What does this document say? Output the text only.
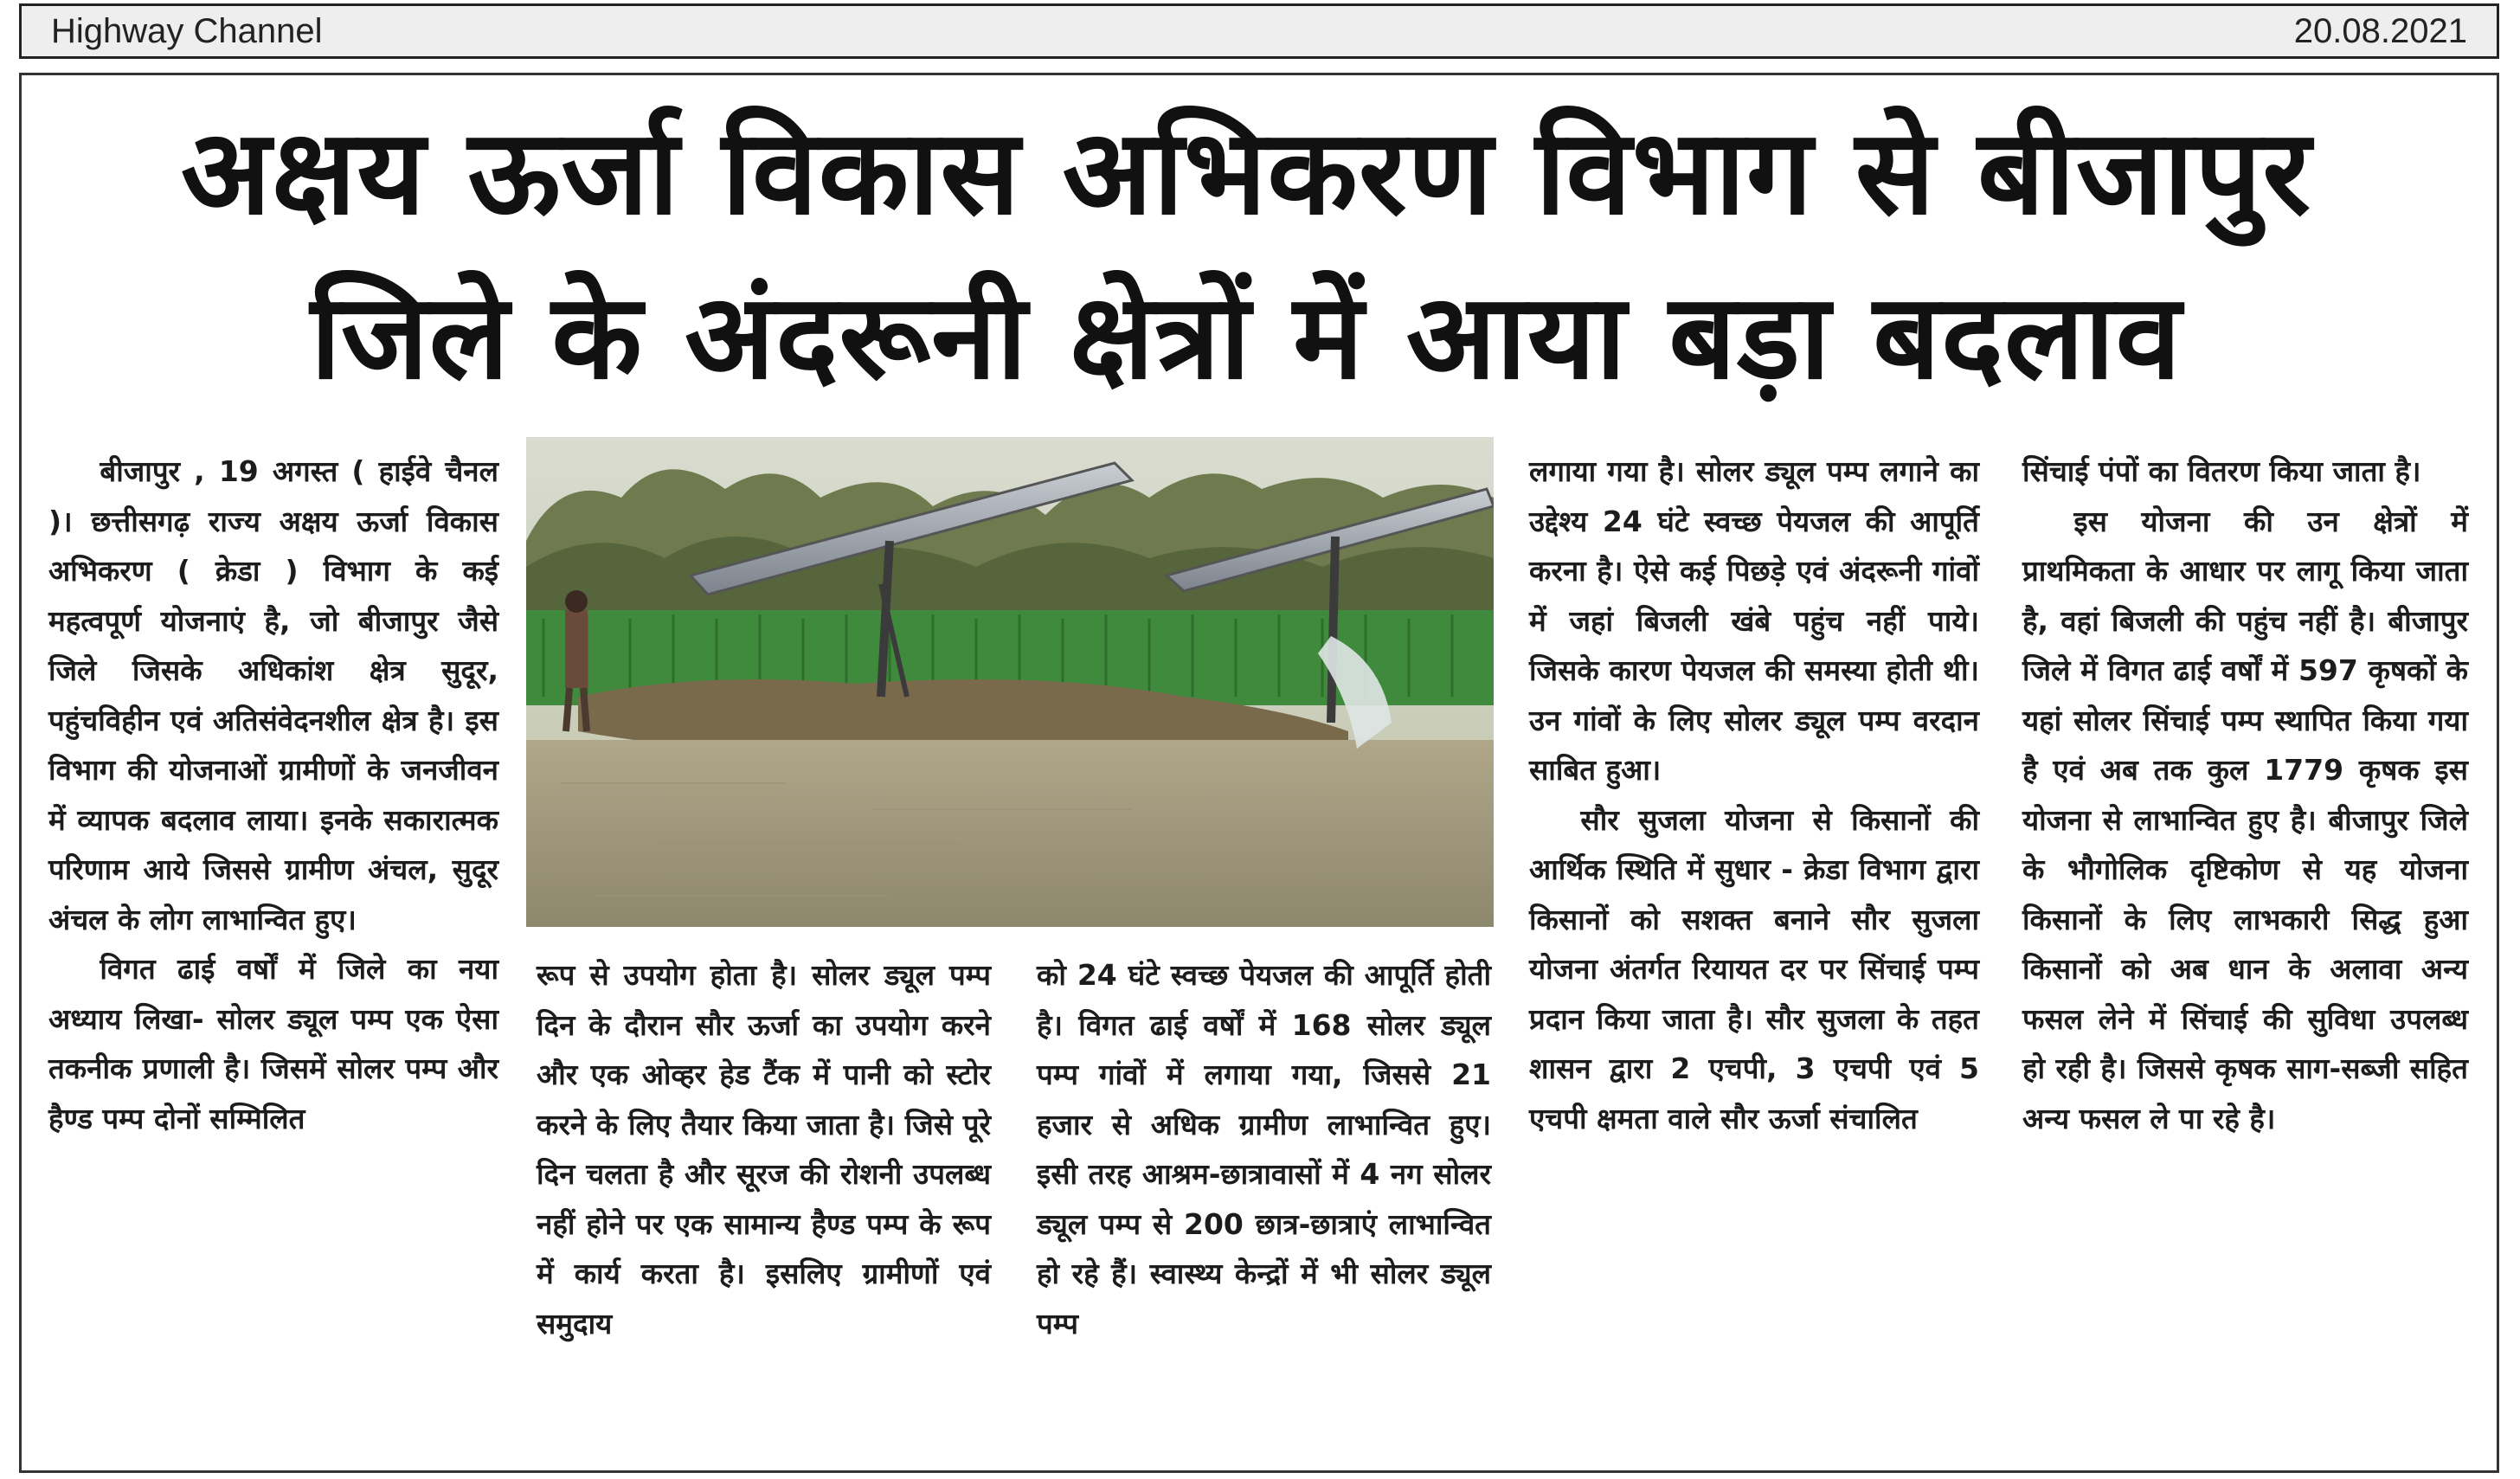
Highway Channel	20.08.2021
अक्षय ऊर्जा विकास अभिकरण विभाग से बीजापुर
जिले के अंदरूनी क्षेत्रों में आया बड़ा बदलाव

बीजापुर , 19 अगस्त ( हाईवे चैनल )। छत्तीसगढ़ राज्य अक्षय ऊर्जा विकास अभिकरण ( क्रेडा ) विभाग के कई महत्वपूर्ण योजनाएं है, जो बीजापुर जैसे जिले जिसके अधिकांश क्षेत्र सुदूर, पहुंचविहीन एवं अतिसंवेदनशील क्षेत्र है। इस विभाग की योजनाओं ग्रामीणों के जनजीवन में व्यापक बदलाव लाया। इनके सकारात्मक परिणाम आये जिससे ग्रामीण अंचल, सुदूर अंचल के लोग लाभान्वित हुए।

विगत ढाई वर्षों में जिले का नया अध्याय लिखा- सोलर ड्यूल पम्प एक ऐसा तकनीक प्रणाली है। जिसमें सोलर पम्प और हैण्ड पम्प दोनों सम्मिलित

रूप से उपयोग होता है। सोलर ड्यूल पम्प दिन के दौरान सौर ऊर्जा का उपयोग करने और एक ओव्हर हेड टैंक में पानी को स्टोर करने के लिए तैयार किया जाता है। जिसे पूरे दिन चलता है और सूरज की रोशनी उपलब्ध नहीं होने पर एक सामान्य हैण्ड पम्प के रूप में कार्य करता है। इसलिए ग्रामीणों एवं समुदाय

को 24 घंटे स्वच्छ पेयजल की आपूर्ति होती है। विगत ढाई वर्षों में 168 सोलर ड्यूल पम्प गांवों में लगाया गया, जिससे 21 हजार से अधिक ग्रामीण लाभान्वित हुए। इसी तरह आश्रम-छात्रावासों में 4 नग सोलर ड्यूल पम्प से 200 छात्र-छात्राएं लाभान्वित हो रहे हैं। स्वास्थ्य केन्द्रों में भी सोलर ड्यूल पम्प

लगाया गया है। सोलर ड्यूल पम्प लगाने का उद्देश्य 24 घंटे स्वच्छ पेयजल की आपूर्ति करना है। ऐसे कई पिछड़े एवं अंदरूनी गांवों में जहां बिजली खंबे पहुंच नहीं पाये। जिसके कारण पेयजल की समस्या होती थी। उन गांवों के लिए सोलर ड्यूल पम्प वरदान साबित हुआ।

सौर सुजला योजना से किसानों की आर्थिक स्थिति में सुधार - क्रेडा विभाग द्वारा किसानों को सशक्त बनाने सौर सुजला योजना अंतर्गत रियायत दर पर सिंचाई पम्प प्रदान किया जाता है। सौर सुजला के तहत शासन द्वारा 2 एचपी, 3 एचपी एवं 5 एचपी क्षमता वाले सौर ऊर्जा संचालित

सिंचाई पंपों का वितरण किया जाता है।

इस योजना की उन क्षेत्रों में प्राथमिकता के आधार पर लागू किया जाता है, वहां बिजली की पहुंच नहीं है। बीजापुर जिले में विगत ढाई वर्षों में 597 कृषकों के यहां सोलर सिंचाई पम्प स्थापित किया गया है एवं अब तक कुल 1779 कृषक इस योजना से लाभान्वित हुए है। बीजापुर जिले के भौगोलिक दृष्टिकोण से यह योजना किसानों के लिए लाभकारी सिद्ध हुआ किसानों को अब धान के अलावा अन्य फसल लेने में सिंचाई की सुविधा उपलब्ध हो रही है। जिससे कृषक साग-सब्जी सहित अन्य फसल ले पा रहे है।
